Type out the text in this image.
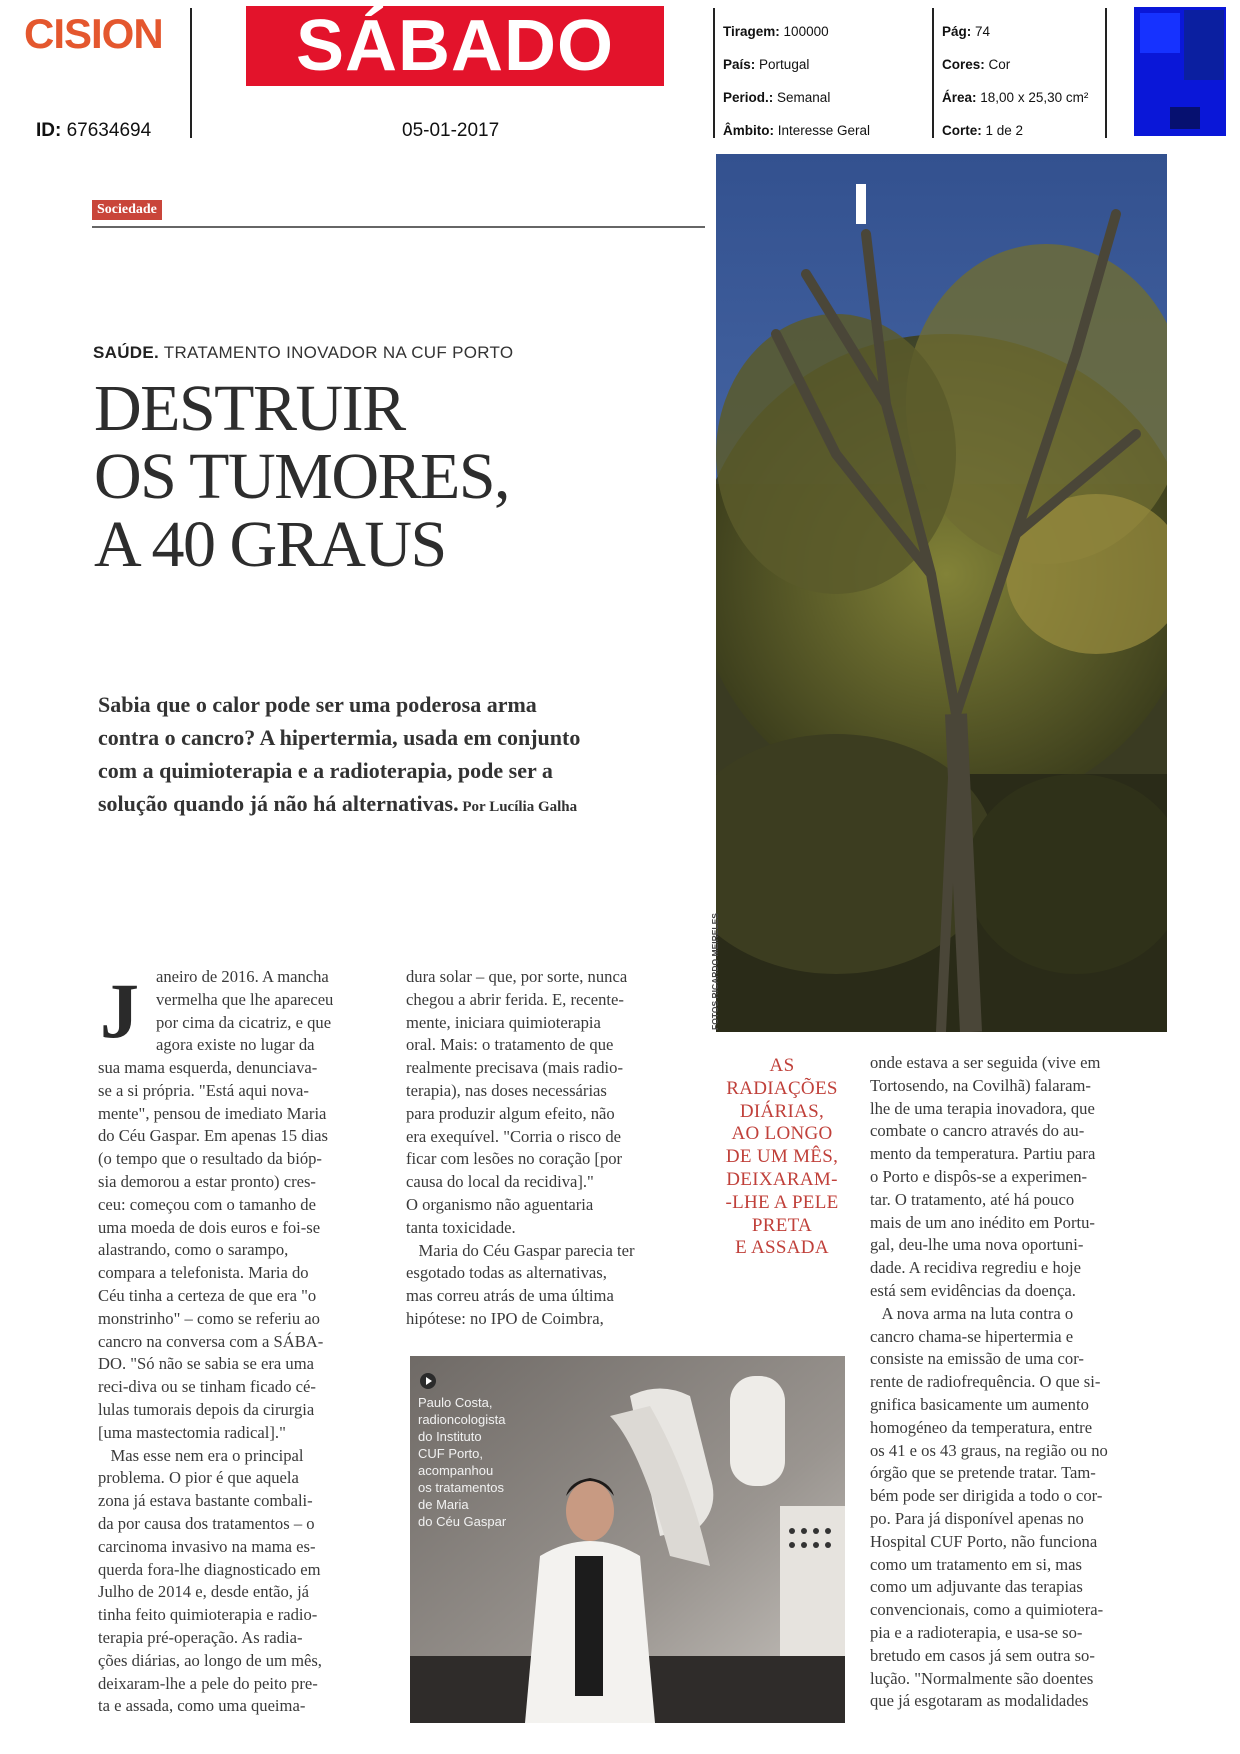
CISION
ID: 67634694
SÁBADO
05-01-2017
Tiragem: 100000
País: Portugal
Period.: Semanal
Âmbito: Interesse Geral
Pág: 74
Cores: Cor
Área: 18,00 x 25,30 cm²
Corte: 1 de 2
Sociedade
SAÚDE. TRATAMENTO INOVADOR NA CUF PORTO
DESTRUIR
OS TUMORES,
A 40 GRAUS
Sabia que o calor pode ser uma poderosa arma
contra o cancro? A hipertermia, usada em conjunto
com a quimioterapia e a radioterapia, pode ser a
solução quando já não há alternativas. Por Lucília Galha
FOTOS RICARDO MEIRELES
J aneiro de 2016. A mancha

vermelha que lhe apareceu

por cima da cicatriz, e que

agora existe no lugar da

sua mama esquerda, denunciava-

se a si própria. "Está aqui nova-

mente", pensou de imediato Maria

do Céu Gaspar. Em apenas 15 dias

(o tempo que o resultado da bióp-

sia demorou a estar pronto) cres-

ceu: começou com o tamanho de

uma moeda de dois euros e foi-se

alastrando, como o sarampo,

compara a telefonista. Maria do

Céu tinha a certeza de que era "o

monstrinho" – como se referiu ao

cancro na conversa com a SÁBA-

DO. "Só não se sabia se era uma

reci-diva ou se tinham ficado cé-

lulas tumorais depois da cirurgia

[uma mastectomia radical]."

Mas esse nem era o principal

problema. O pior é que aquela

zona já estava bastante combali-

da por causa dos tratamentos – o

carcinoma invasivo na mama es-

querda fora-lhe diagnosticado em

Julho de 2014 e, desde então, já

tinha feito quimioterapia e radio-

terapia pré-operação. As radia-

ções diárias, ao longo de um mês,

deixaram-lhe a pele do peito pre-

ta e assada, como uma queima-

dura solar – que, por sorte, nunca

chegou a abrir ferida. E, recente-

mente, iniciara quimioterapia

oral. Mais: o tratamento de que

realmente precisava (mais radio-

terapia), nas doses necessárias

para produzir algum efeito, não

era exequível. "Corria o risco de

ficar com lesões no coração [por

causa do local da recidiva]."

O organismo não aguentaria

tanta toxicidade.

Maria do Céu Gaspar parecia ter

esgotado todas as alternativas,

mas correu atrás de uma última

hipótese: no IPO de Coimbra,

AS

RADIAÇÕES

DIÁRIAS,

AO LONGO

DE UM MÊS,

DEIXARAM-

-LHE A PELE

PRETA

E ASSADA

onde estava a ser seguida (vive em

Tortosendo, na Covilhã) falaram-

lhe de uma terapia inovadora, que

combate o cancro através do au-

mento da temperatura. Partiu para

o Porto e dispôs-se a experimen-

tar. O tratamento, até há pouco

mais de um ano inédito em Portu-

gal, deu-lhe uma nova oportuni-

dade. A recidiva regrediu e hoje

está sem evidências da doença.

A nova arma na luta contra o

cancro chama-se hipertermia e

consiste na emissão de uma cor-

rente de radiofrequência. O que si-

gnifica basicamente um aumento

homogéneo da temperatura, entre

os 41 e os 43 graus, na região ou no

órgão que se pretende tratar. Tam-

bém pode ser dirigida a todo o cor-

po. Para já disponível apenas no

Hospital CUF Porto, não funciona

como um tratamento em si, mas

como um adjuvante das terapias

convencionais, como a quimiotera-

pia e a radioterapia, e usa-se so-

bretudo em casos já sem outra so-

lução. "Normalmente são doentes

que já esgotaram as modalidades

Paulo Costa,

radioncologista

do Instituto

CUF Porto,

acompanhou

os tratamentos

de Maria

do Céu Gaspar
